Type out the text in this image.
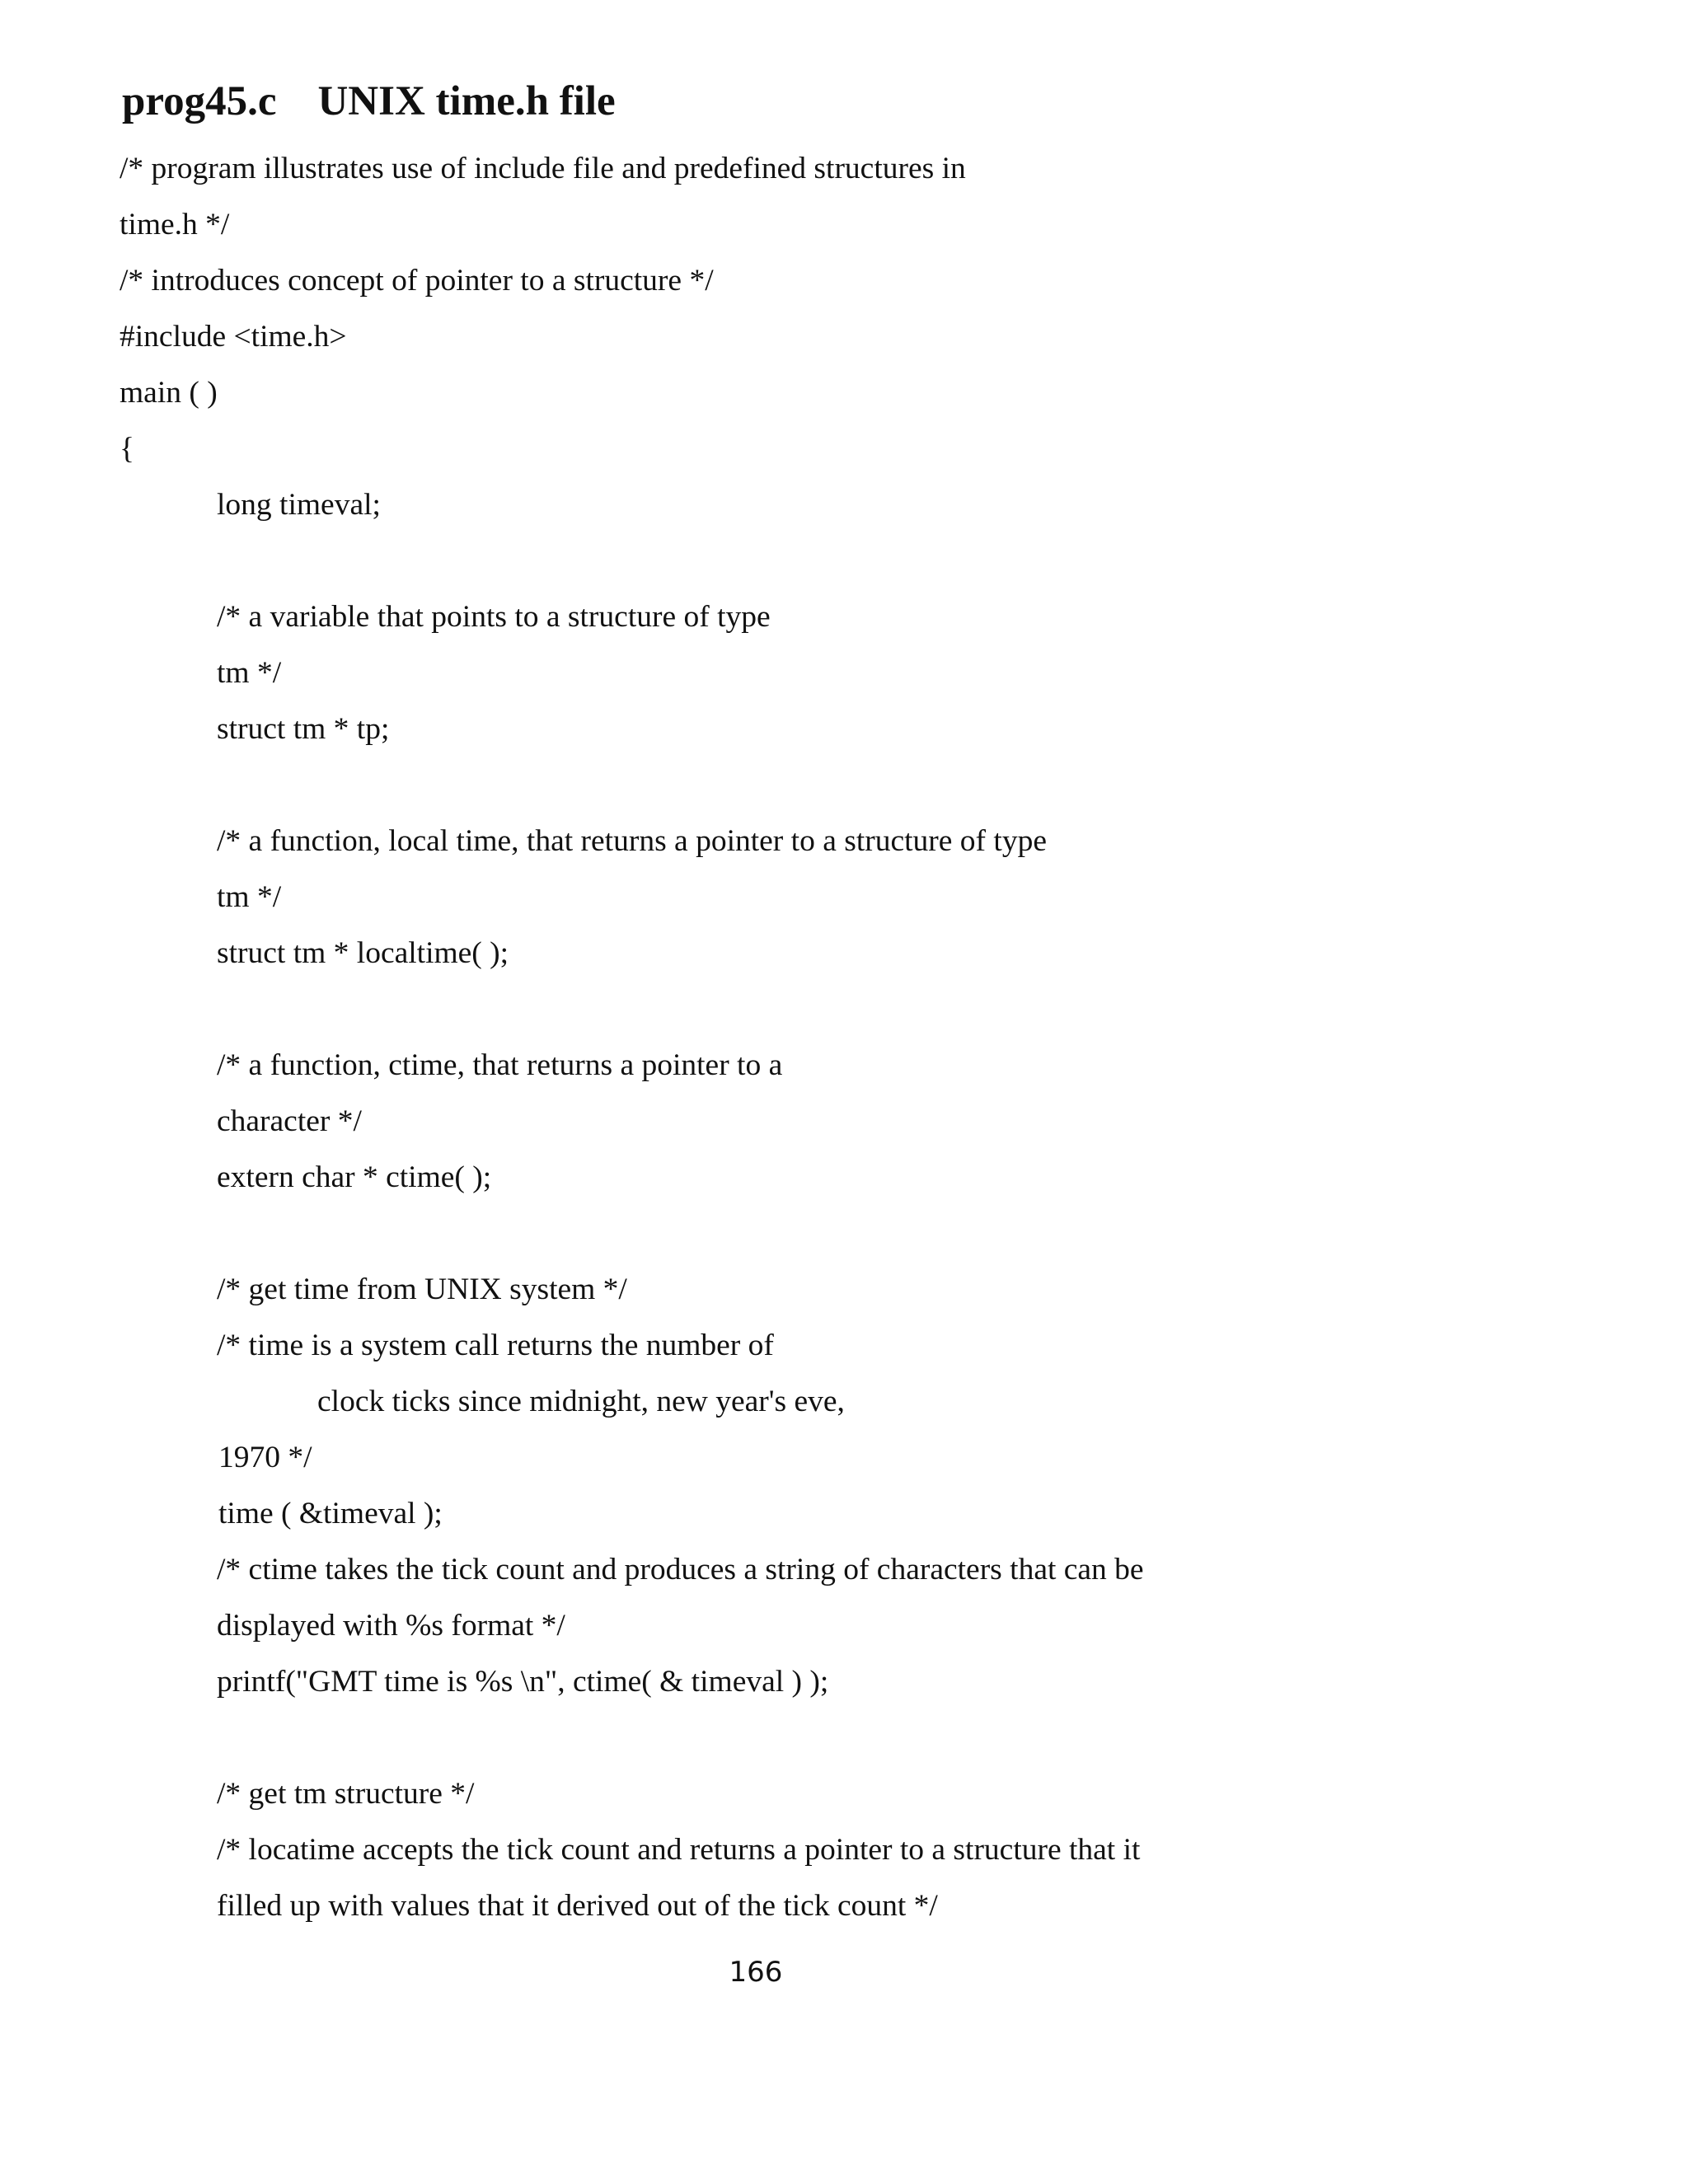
prog45.c UNIX time.h file

/* program illustrates use of include file and predefined structures in

time.h */

/* introduces concept of pointer to a structure */

#include <time.h>

main ( )

{

long timeval;

/* a variable that points to a structure of type

tm */

struct tm * tp;

/* a function, local time, that returns a pointer to a structure of type

tm */

struct tm * localtime( );

/* a function, ctime, that returns a pointer to a

character */

extern char * ctime( );

/* get time from UNIX system */

/* time is a system call returns the number of

clock ticks since midnight, new year's eve,

1970 */

time ( &timeval );

/* ctime takes the tick count and produces a string of characters that can be

displayed with %s format */

printf("GMT time is %s \n", ctime( & timeval ) );

/* get tm structure */

/* locatime accepts the tick count and returns a pointer to a structure that it

filled up with values that it derived out of the tick count */

166
